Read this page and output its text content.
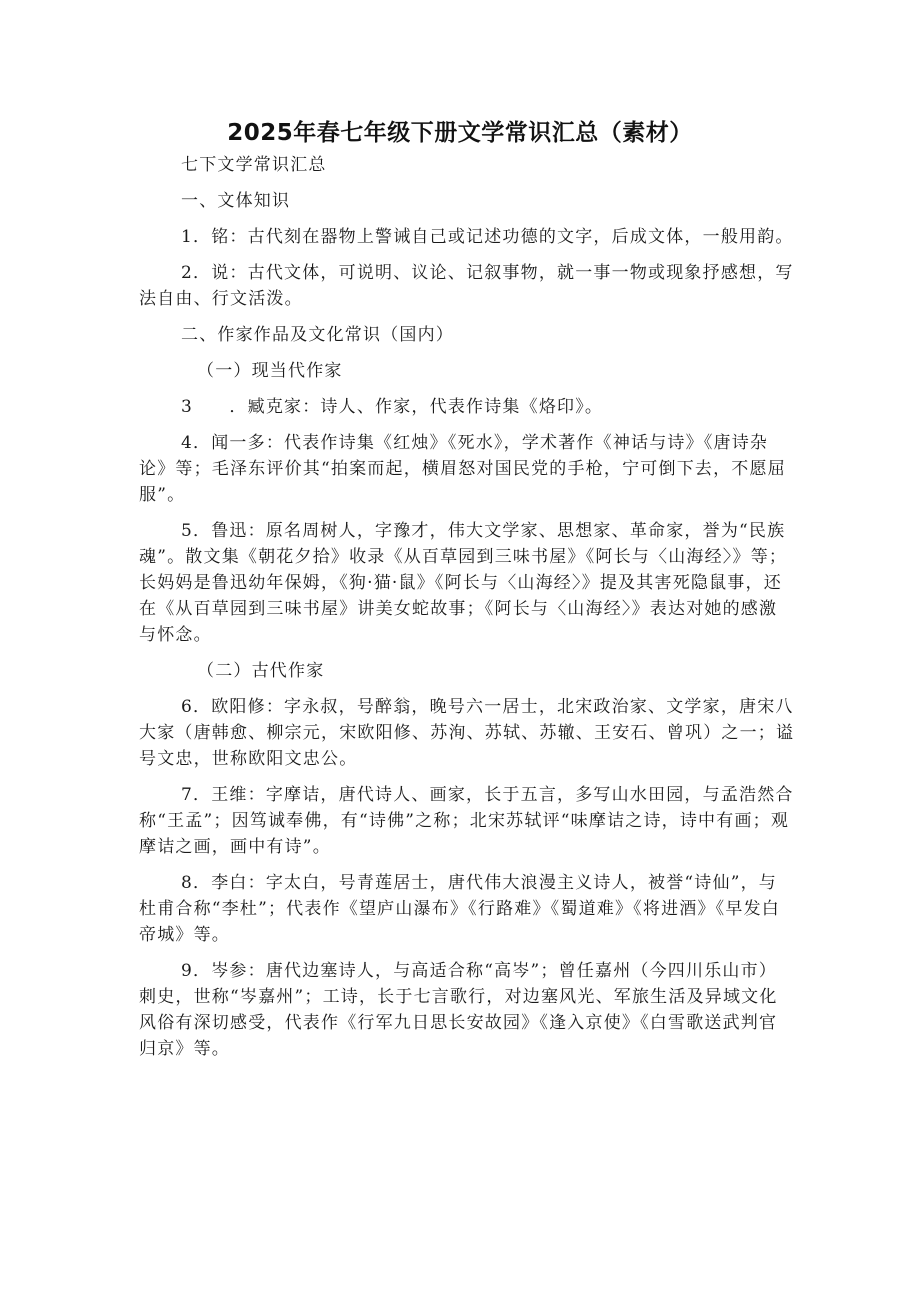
2025年春七年级下册文学常识汇总（素材）

七下文学常识汇总

一、文体知识

1．铭：古代刻在器物上警诫自己或记述功德的文字，后成文体，一般用韵。

2．说：古代文体，可说明、议论、记叙事物，就一事一物或现象抒感想，写法自由、行文活泼。

二、作家作品及文化常识（国内）

（一）现当代作家

3　　．臧克家：诗人、作家，代表作诗集《烙印》。

4．闻一多：代表作诗集《红烛》《死水》，学术著作《神话与诗》《唐诗杂论》等；毛泽东评价其“拍案而起，横眉怒对国民党的手枪，宁可倒下去，不愿屈服”。

5．鲁迅：原名周树人，字豫才，伟大文学家、思想家、革命家，誉为“民族魂”。散文集《朝花夕拾》收录《从百草园到三味书屋》《阿长与〈山海经〉》等；长妈妈是鲁迅幼年保姆，《狗·猫·鼠》《阿长与〈山海经〉》提及其害死隐鼠事，还在《从百草园到三味书屋》讲美女蛇故事；《阿长与〈山海经〉》表达对她的感激与怀念。

（二）古代作家

6．欧阳修：字永叔，号醉翁，晚号六一居士，北宋政治家、文学家，唐宋八大家（唐韩愈、柳宗元，宋欧阳修、苏洵、苏轼、苏辙、王安石、曾巩）之一；谥号文忠，世称欧阳文忠公。

7．王维：字摩诘，唐代诗人、画家，长于五言，多写山水田园，与孟浩然合称“王孟”；因笃诚奉佛，有“诗佛”之称；北宋苏轼评“味摩诘之诗，诗中有画；观摩诘之画，画中有诗”。

8．李白：字太白，号青莲居士，唐代伟大浪漫主义诗人，被誉“诗仙”，与杜甫合称“李杜”；代表作《望庐山瀑布》《行路难》《蜀道难》《将进酒》《早发白帝城》等。

9．岑参：唐代边塞诗人，与高适合称“高岑”；曾任嘉州（今四川乐山市）刺史，世称“岑嘉州”；工诗，长于七言歌行，对边塞风光、军旅生活及异域文化风俗有深切感受，代表作《行军九日思长安故园》《逢入京使》《白雪歌送武判官归京》等。
